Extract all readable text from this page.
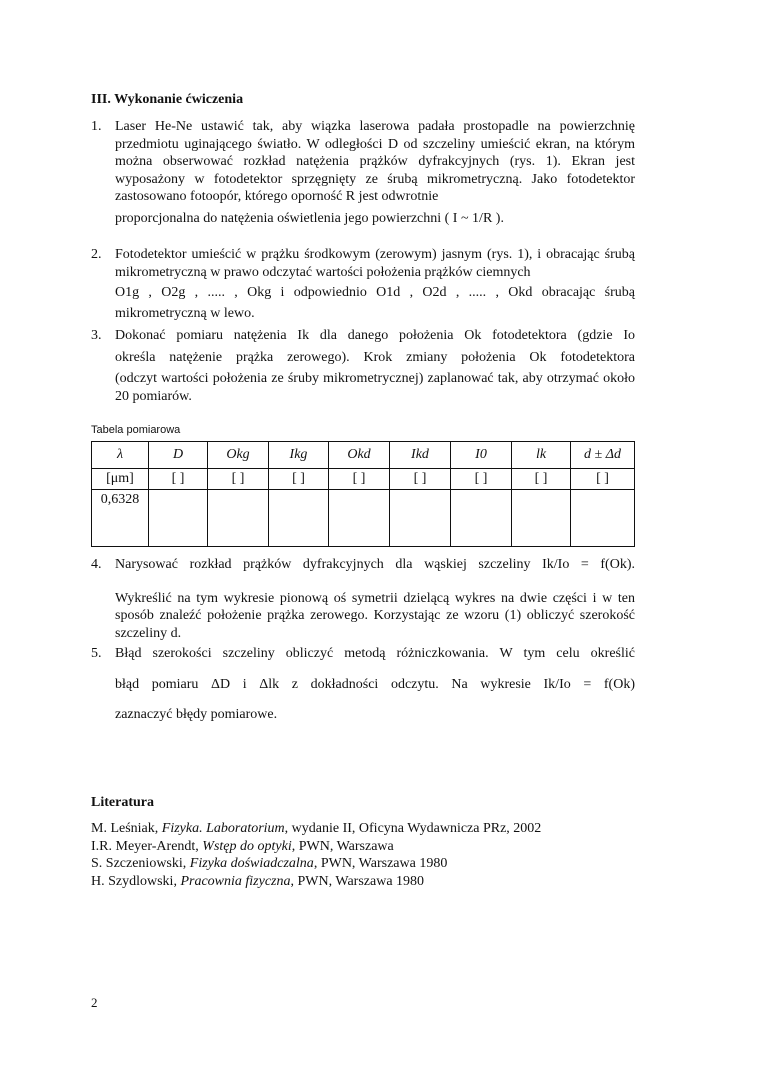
III. Wykonanie ćwiczenia
1. Laser He-Ne ustawić tak, aby wiązka laserowa padała prostopadle na powierzchnię przedmiotu uginającego światło. W odległości D od szczeliny umieścić ekran, na którym można obserwować rozkład natężenia prążków dyfrakcyjnych (rys. 1). Ekran jest wyposażony w fotodetektor sprzęgnięty ze śrubą mikrometryczną. Jako fotodetektor zastosowano fotoopór, którego oporność R jest odwrotnie

proporcjonalna do natężenia oświetlenia jego powierzchni ( I ~ 1/R ).

2. Fotodetektor umieścić w prążku środkowym (zerowym) jasnym (rys. 1), i obracając śrubą mikrometryczną w prawo odczytać wartości położenia prążków ciemnych

O1g , O2g , ..... , Okg i odpowiednio O1d , O2d , ..... , Okd obracając śrubą

mikrometryczną w lewo.

3. Dokonać pomiaru natężenia Ik dla danego położenia Ok fotodetektora (gdzie Io

określa natężenie prążka zerowego). Krok zmiany położenia Ok fotodetektora

(odczyt wartości położenia ze śruby mikrometrycznej) zaplanować tak, aby otrzymać około 20 pomiarów.

Tabela pomiarowa
λ	D	Okg	Ikg	Okd	Ikd	I0	lk	d ± Δd
[μm]	[ ]	[ ]	[ ]	[ ]	[ ]	[ ]	[ ]	[ ]
0,6328								
4. Narysować rozkład prążków dyfrakcyjnych dla wąskiej szczeliny Ik/Io = f(Ok).

Wykreślić na tym wykresie pionową oś symetrii dzielącą wykres na dwie części i w ten sposób znaleźć położenie prążka zerowego. Korzystając ze wzoru (1) obliczyć szerokość szczeliny d.

5. Błąd szerokości szczeliny obliczyć metodą różniczkowania. W tym celu określić

błąd pomiaru ΔD i Δlk z dokładności odczytu. Na wykresie Ik/Io = f(Ok)

zaznaczyć błędy pomiarowe.

Literatura
M. Leśniak, Fizyka. Laboratorium, wydanie II, Oficyna Wydawnicza PRz, 2002
I.R. Meyer-Arendt, Wstęp do optyki, PWN, Warszawa
S. Szczeniowski, Fizyka doświadczalna, PWN, Warszawa 1980
H. Szydlowski, Pracownia fizyczna, PWN, Warszawa 1980
2
